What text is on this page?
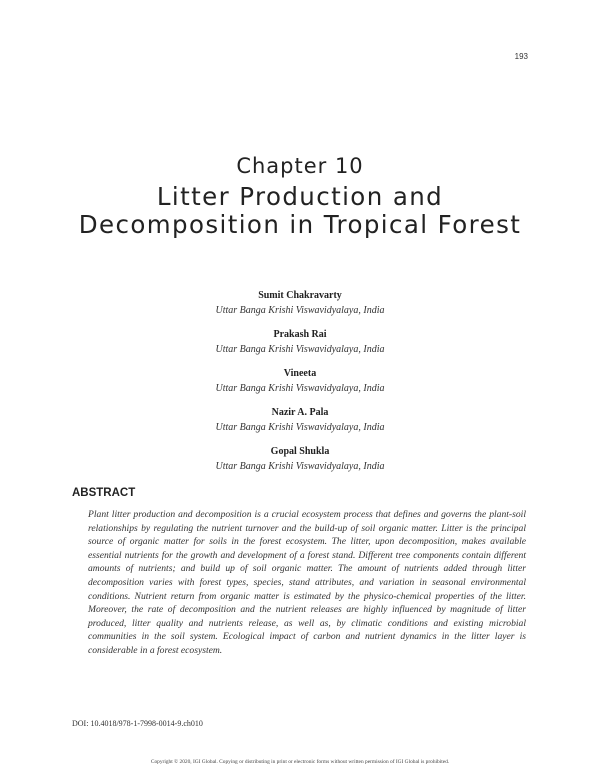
193
Chapter 10
Litter Production and Decomposition in Tropical Forest
Sumit Chakravarty
Uttar Banga Krishi Viswavidyalaya, India
Prakash Rai
Uttar Banga Krishi Viswavidyalaya, India
Vineeta
Uttar Banga Krishi Viswavidyalaya, India
Nazir A. Pala
Uttar Banga Krishi Viswavidyalaya, India
Gopal Shukla
Uttar Banga Krishi Viswavidyalaya, India
ABSTRACT
Plant litter production and decomposition is a crucial ecosystem process that defines and governs the plant-soil relationships by regulating the nutrient turnover and the build-up of soil organic matter. Litter is the principal source of organic matter for soils in the forest ecosystem. The litter, upon decomposition, makes available essential nutrients for the growth and development of a forest stand. Different tree components contain different amounts of nutrients; and build up of soil organic matter. The amount of nutrients added through litter decomposition varies with forest types, species, stand attributes, and variation in seasonal environmental conditions. Nutrient return from organic matter is estimated by the physico-chemical properties of the litter. Moreover, the rate of decomposition and the nutrient releases are highly influenced by magnitude of litter produced, litter quality and nutrients release, as well as, by climatic conditions and existing microbial communities in the soil system. Ecological impact of carbon and nutrient dynamics in the litter layer is considerable in a forest ecosystem.
DOI: 10.4018/978-1-7998-0014-9.ch010
Copyright © 2020, IGI Global. Copying or distributing in print or electronic forms without written permission of IGI Global is prohibited.
